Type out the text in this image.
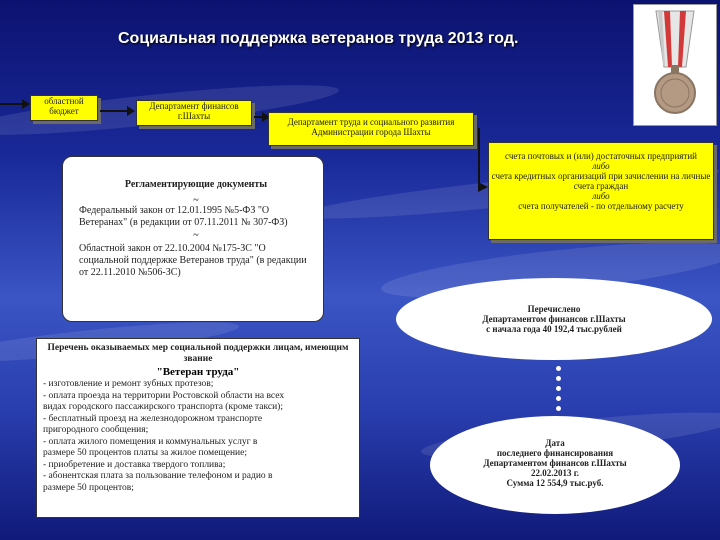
Социальная поддержка ветеранов труда 2013 год.
областной бюджет	Департамент финансов г.Шахты
Департамент труда и социального развития Администрации города Шахты
счета почтовых и (или) достаточных предприятий
либо
счета кредитных организаций при зачислении на личные счета граждан
либо
счета получателей - по отдельному расчету
Регламентирующие документы
~

Федеральный закон от 12.01.1995 №5-ФЗ "О Ветеранах" (в редакции от 07.11.2011 № 307-ФЗ)

~

Областной закон от 22.10.2004 №175-ЗС "О социальной поддержке Ветеранов труда" (в редакции от 22.11.2010 №506-ЗС)

Перечень оказываемых мер социальной поддержки лицам, имеющим звание
"Ветеран труда"

- изготовление и ремонт зубных протезов;

- оплата проезда на территории Ростовской области на всех

видах городского пассажирского транспорта (кроме такси);

- бесплатный проезд на железнодорожном транспорте

пригородного сообщения;

- оплата жилого помещения и коммунальных услуг в

размере 50 процентов платы за жилое помещение;

- приобретение и доставка твердого топлива;

- абонентская плата за пользование телефоном и радио в

размере 50 процентов;

Перечислено
Департаментом финансов г.Шахты
с начала года 40 192,4 тыс.рублей
Дата
последнего финансирования
Департаментом финансов г.Шахты
22.02.2013 г.
Сумма 12 554,9 тыс.руб.
